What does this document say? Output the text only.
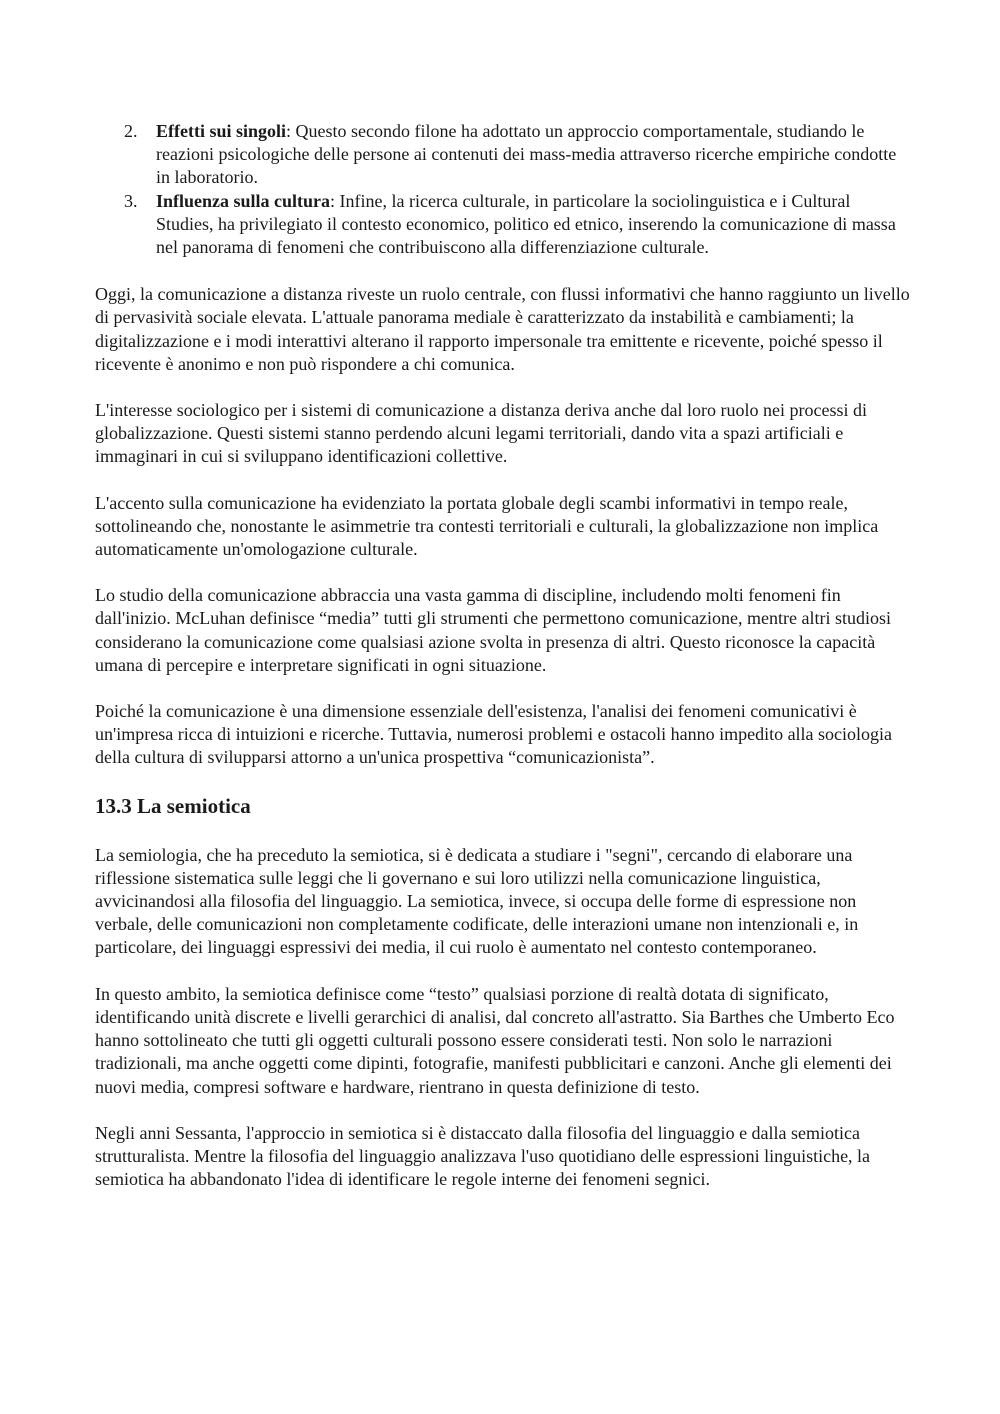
2. Effetti sui singoli: Questo secondo filone ha adottato un approccio comportamentale, studiando le reazioni psicologiche delle persone ai contenuti dei mass-media attraverso ricerche empiriche condotte in laboratorio.
3. Influenza sulla cultura: Infine, la ricerca culturale, in particolare la sociolinguistica e i Cultural Studies, ha privilegiato il contesto economico, politico ed etnico, inserendo la comunicazione di massa nel panorama di fenomeni che contribuiscono alla differenziazione culturale.

Oggi, la comunicazione a distanza riveste un ruolo centrale, con flussi informativi che hanno raggiunto un livello di pervasività sociale elevata. L'attuale panorama mediale è caratterizzato da instabilità e cambiamenti; la digitalizzazione e i modi interattivi alterano il rapporto impersonale tra emittente e ricevente, poiché spesso il ricevente è anonimo e non può rispondere a chi comunica.

L'interesse sociologico per i sistemi di comunicazione a distanza deriva anche dal loro ruolo nei processi di globalizzazione. Questi sistemi stanno perdendo alcuni legami territoriali, dando vita a spazi artificiali e immaginari in cui si sviluppano identificazioni collettive.

L'accento sulla comunicazione ha evidenziato la portata globale degli scambi informativi in tempo reale, sottolineando che, nonostante le asimmetrie tra contesti territoriali e culturali, la globalizzazione non implica automaticamente un'omologazione culturale.

Lo studio della comunicazione abbraccia una vasta gamma di discipline, includendo molti fenomeni fin dall'inizio. McLuhan definisce “media” tutti gli strumenti che permettono comunicazione, mentre altri studiosi considerano la comunicazione come qualsiasi azione svolta in presenza di altri. Questo riconosce la capacità umana di percepire e interpretare significati in ogni situazione.

Poiché la comunicazione è una dimensione essenziale dell'esistenza, l'analisi dei fenomeni comunicativi è un'impresa ricca di intuizioni e ricerche. Tuttavia, numerosi problemi e ostacoli hanno impedito alla sociologia della cultura di svilupparsi attorno a un'unica prospettiva “comunicazionista”.

13.3 La semiotica

La semiologia, che ha preceduto la semiotica, si è dedicata a studiare i "segni", cercando di elaborare una riflessione sistematica sulle leggi che li governano e sui loro utilizzi nella comunicazione linguistica, avvicinandosi alla filosofia del linguaggio. La semiotica, invece, si occupa delle forme di espressione non verbale, delle comunicazioni non completamente codificate, delle interazioni umane non intenzionali e, in particolare, dei linguaggi espressivi dei media, il cui ruolo è aumentato nel contesto contemporaneo.

In questo ambito, la semiotica definisce come “testo” qualsiasi porzione di realtà dotata di significato, identificando unità discrete e livelli gerarchici di analisi, dal concreto all'astratto. Sia Barthes che Umberto Eco hanno sottolineato che tutti gli oggetti culturali possono essere considerati testi. Non solo le narrazioni tradizionali, ma anche oggetti come dipinti, fotografie, manifesti pubblicitari e canzoni. Anche gli elementi dei nuovi media, compresi software e hardware, rientrano in questa definizione di testo.

Negli anni Sessanta, l'approccio in semiotica si è distaccato dalla filosofia del linguaggio e dalla semiotica strutturalista. Mentre la filosofia del linguaggio analizzava l'uso quotidiano delle espressioni linguistiche, la semiotica ha abbandonato l'idea di identificare le regole interne dei fenomeni segnici.
